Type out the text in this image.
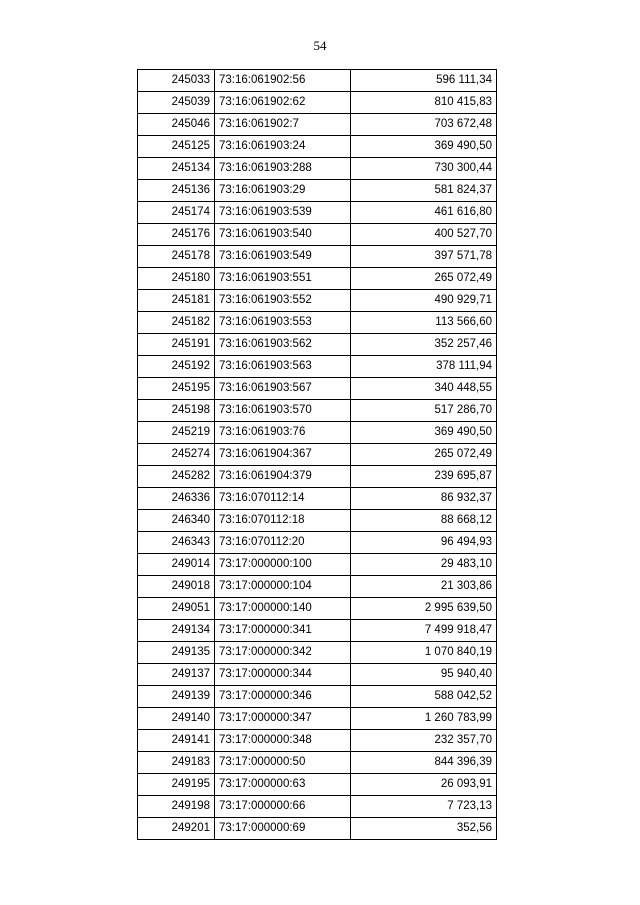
54
245033	73:16:061902:56	596 111,34
245039	73:16:061902:62	810 415,83
245046	73:16:061902:7	703 672,48
245125	73:16:061903:24	369 490,50
245134	73:16:061903:288	730 300,44
245136	73:16:061903:29	581 824,37
245174	73:16:061903:539	461 616,80
245176	73:16:061903:540	400 527,70
245178	73:16:061903:549	397 571,78
245180	73:16:061903:551	265 072,49
245181	73:16:061903:552	490 929,71
245182	73:16:061903:553	113 566,60
245191	73:16:061903:562	352 257,46
245192	73:16:061903:563	378 111,94
245195	73:16:061903:567	340 448,55
245198	73:16:061903:570	517 286,70
245219	73:16:061903:76	369 490,50
245274	73:16:061904:367	265 072,49
245282	73:16:061904:379	239 695,87
246336	73:16:070112:14	86 932,37
246340	73:16:070112:18	88 668,12
246343	73:16:070112:20	96 494,93
249014	73:17:000000:100	29 483,10
249018	73:17:000000:104	21 303,86
249051	73:17:000000:140	2 995 639,50
249134	73:17:000000:341	7 499 918,47
249135	73:17:000000:342	1 070 840,19
249137	73:17:000000:344	95 940,40
249139	73:17:000000:346	588 042,52
249140	73:17:000000:347	1 260 783,99
249141	73:17:000000:348	232 357,70
249183	73:17:000000:50	844 396,39
249195	73:17:000000:63	26 093,91
249198	73:17:000000:66	7 723,13
249201	73:17:000000:69	352,56
